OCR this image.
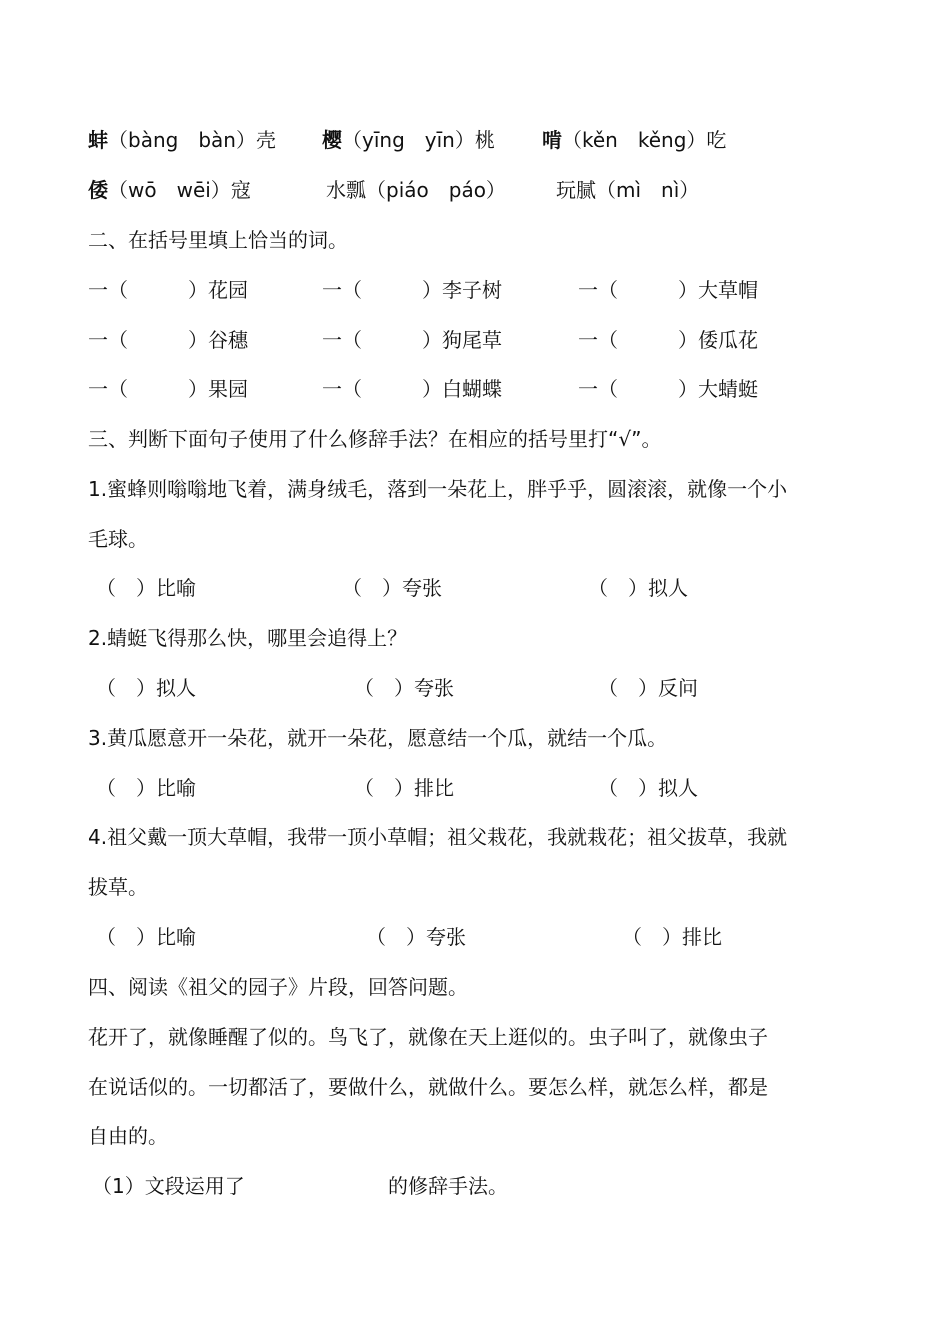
蚌（bàng　bàn）壳 樱（yīng　yīn）桃 啃（kěn　kěng）吃
倭（wō　wēi）寇	水瓢（piáo　páo）	玩腻（mì　nì）
二、在括号里填上恰当的词。
一（　　　）花园	一（　　　）李子树	一（　　　）大草帽
一（　　　）谷穗	一（　　　）狗尾草	一（　　　）倭瓜花
一（　　　）果园	一（　　　）白蝴蝶	一（　　　）大蜻蜓
三、判断下面句子使用了什么修辞手法？在相应的括号里打“√”。
1.蜜蜂则嗡嗡地飞着，满身绒毛，落到一朵花上，胖乎乎，圆滚滚，就像一个小
毛球。
（　）比喻	（　）夸张	（　）拟人
2.蜻蜓飞得那么快，哪里会追得上？
（　）拟人	（　）夸张	（　）反问
3.黄瓜愿意开一朵花，就开一朵花，愿意结一个瓜，就结一个瓜。
（　）比喻	（　）排比	（　）拟人
4.祖父戴一顶大草帽，我带一顶小草帽；祖父栽花，我就栽花；祖父拔草，我就
拔草。
（　）比喻	（　）夸张	（　）排比
四、阅读《祖父的园子》片段，回答问题。
花开了，就像睡醒了似的。鸟飞了，就像在天上逛似的。虫子叫了，就像虫子
在说话似的。一切都活了，要做什么，就做什么。要怎么样，就怎么样，都是
自由的。
（1）文段运用了	的修辞手法。
